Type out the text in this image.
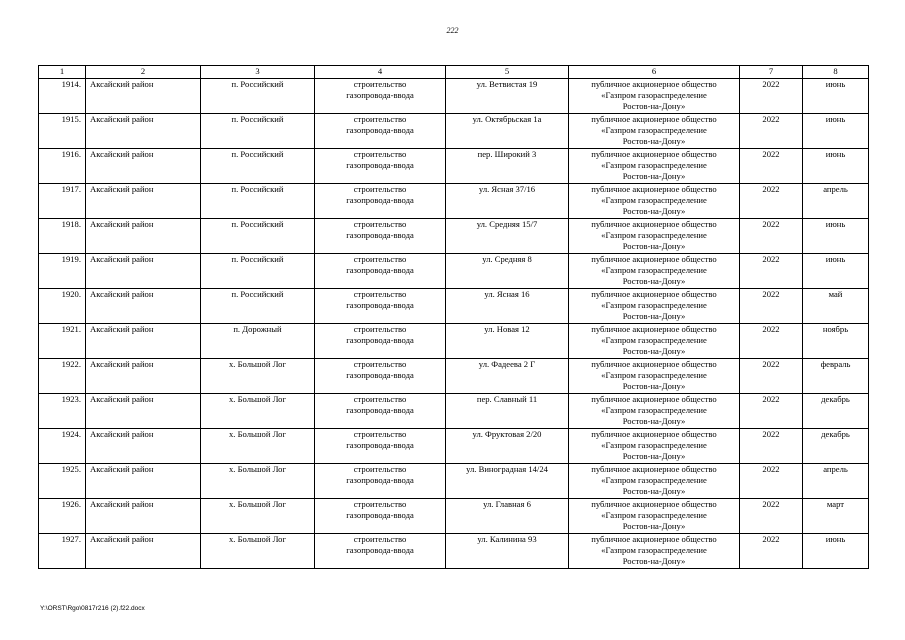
222
1	2	3	4	5	6	7	8

1914.	Аксайский район	п. Российский	строительство
газопровода-ввода	ул. Ветвистая 19	публичное акционерное общество
«Газпром газораспределение
Ростов-на-Дону»	2022	июнь

1915.	Аксайский район	п. Российский	строительство
газопровода-ввода	ул. Октябрьская 1а	публичное акционерное общество
«Газпром газораспределение
Ростов-на-Дону»	2022	июнь

1916.	Аксайский район	п. Российский	строительство
газопровода-ввода	пер. Широкий 3	публичное акционерное общество
«Газпром газораспределение
Ростов-на-Дону»	2022	июнь

1917.	Аксайский район	п. Российский	строительство
газопровода-ввода	ул. Ясная 37/16	публичное акционерное общество
«Газпром газораспределение
Ростов-на-Дону»	2022	апрель

1918.	Аксайский район	п. Российский	строительство
газопровода-ввода	ул. Средняя 15/7	публичное акционерное общество
«Газпром газораспределение
Ростов-на-Дону»	2022	июнь

1919.	Аксайский район	п. Российский	строительство
газопровода-ввода	ул. Средняя 8	публичное акционерное общество
«Газпром газораспределение
Ростов-на-Дону»	2022	июнь

1920.	Аксайский район	п. Российский	строительство
газопровода-ввода	ул. Ясная 16	публичное акционерное общество
«Газпром газораспределение
Ростов-на-Дону»	2022	май

1921.	Аксайский район	п. Дорожный	строительство
газопровода-ввода	ул. Новая 12	публичное акционерное общество
«Газпром газораспределение
Ростов-на-Дону»	2022	ноябрь

1922.	Аксайский район	х. Большой Лог	строительство
газопровода-ввода	ул. Фадеева 2 Г	публичное акционерное общество
«Газпром газораспределение
Ростов-на-Дону»	2022	февраль

1923.	Аксайский район	х. Большой Лог	строительство
газопровода-ввода	пер. Славный 11	публичное акционерное общество
«Газпром газораспределение
Ростов-на-Дону»	2022	декабрь

1924.	Аксайский район	х. Большой Лог	строительство
газопровода-ввода	ул. Фруктовая 2/20	публичное акционерное общество
«Газпром газораспределение
Ростов-на-Дону»	2022	декабрь

1925.	Аксайский район	х. Большой Лог	строительство
газопровода-ввода	ул. Виноградная 14/24	публичное акционерное общество
«Газпром газораспределение
Ростов-на-Дону»	2022	апрель

1926.	Аксайский район	х. Большой Лог	строительство
газопровода-ввода	ул. Главная 6	публичное акционерное общество
«Газпром газораспределение
Ростов-на-Дону»	2022	март

1927.	Аксайский район	х. Большой Лог	строительство
газопровода-ввода	ул. Калинина 93	публичное акционерное общество
«Газпром газораспределение
Ростов-на-Дону»	2022	июнь
Y:\ORST\Rgo\0817r216 (2).f22.docx
